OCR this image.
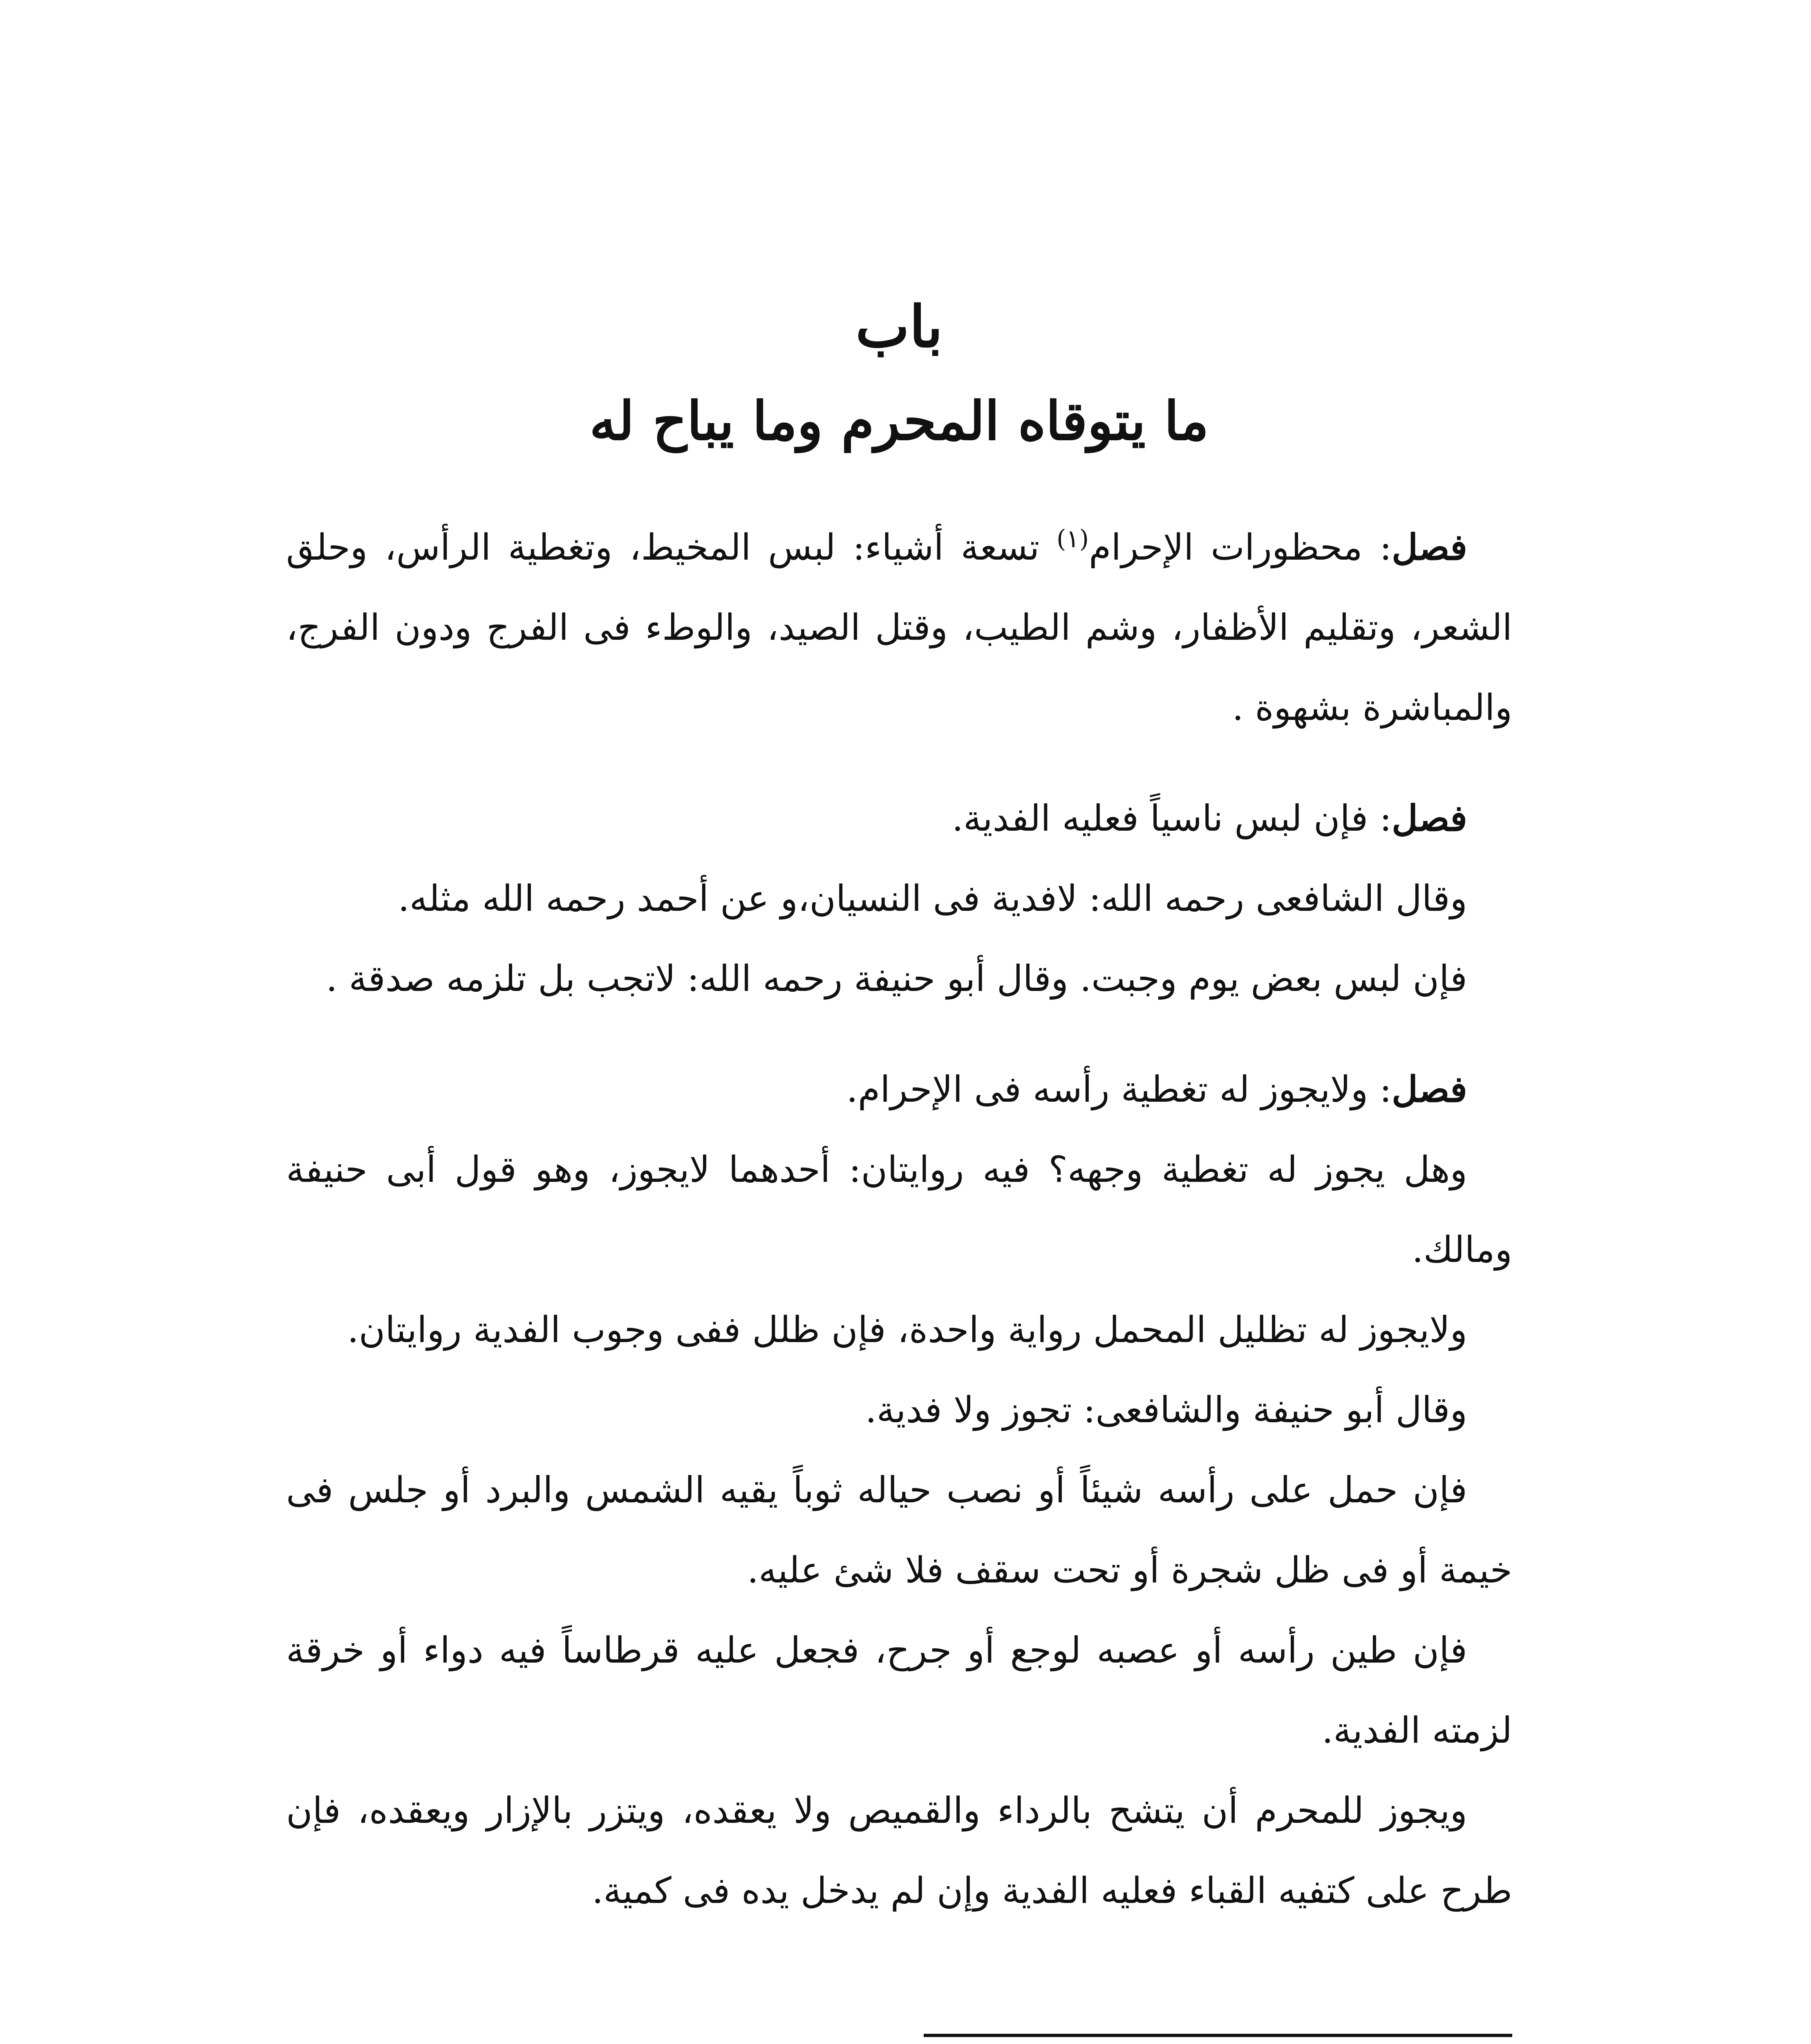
باب
ما يتوقاه المحرم وما يباح له

فصل: محظورات الإحرام$^{(١)}$ تسعة أشياء: لبس المخيط، وتغطية الرأس، وحلق الشعر، وتقليم الأظفار، وشم الطيب، وقتل الصيد، والوطء فى الفرج ودون الفرج، والمباشرة بشهوة .

فصل: فإن لبس ناسياً فعليه الفدية.

وقال الشافعى رحمه الله: لافدية فى النسيان،و عن أحمد رحمه الله مثله.

فإن لبس بعض يوم وجبت. وقال أبو حنيفة رحمه الله: لاتجب بل تلزمه صدقة .

فصل: ولايجوز له تغطية رأسه فى الإحرام.

وهل يجوز له تغطية وجهه؟ فيه روايتان: أحدهما لايجوز، وهو قول أبى حنيفة ومالك.

ولايجوز له تظليل المحمل رواية واحدة، فإن ظلل ففى وجوب الفدية روايتان.

وقال أبو حنيفة والشافعى: تجوز ولا فدية.

فإن حمل على رأسه شيئاً أو نصب حياله ثوباً يقيه الشمس والبرد أو جلس فى خيمة أو فى ظل شجرة أو تحت سقف فلا شئ عليه.

فإن طين رأسه أو عصبه لوجع أو جرح، فجعل عليه قرطاساً فيه دواء أو خرقة لزمته الفدية.

ويجوز للمحرم أن يتشح بالرداء والقميص ولا يعقده، ويتزر بالإزار ويعقده، فإن طرح على كتفيه القباء فعليه الفدية وإن لم يدخل يده فى كمية.
